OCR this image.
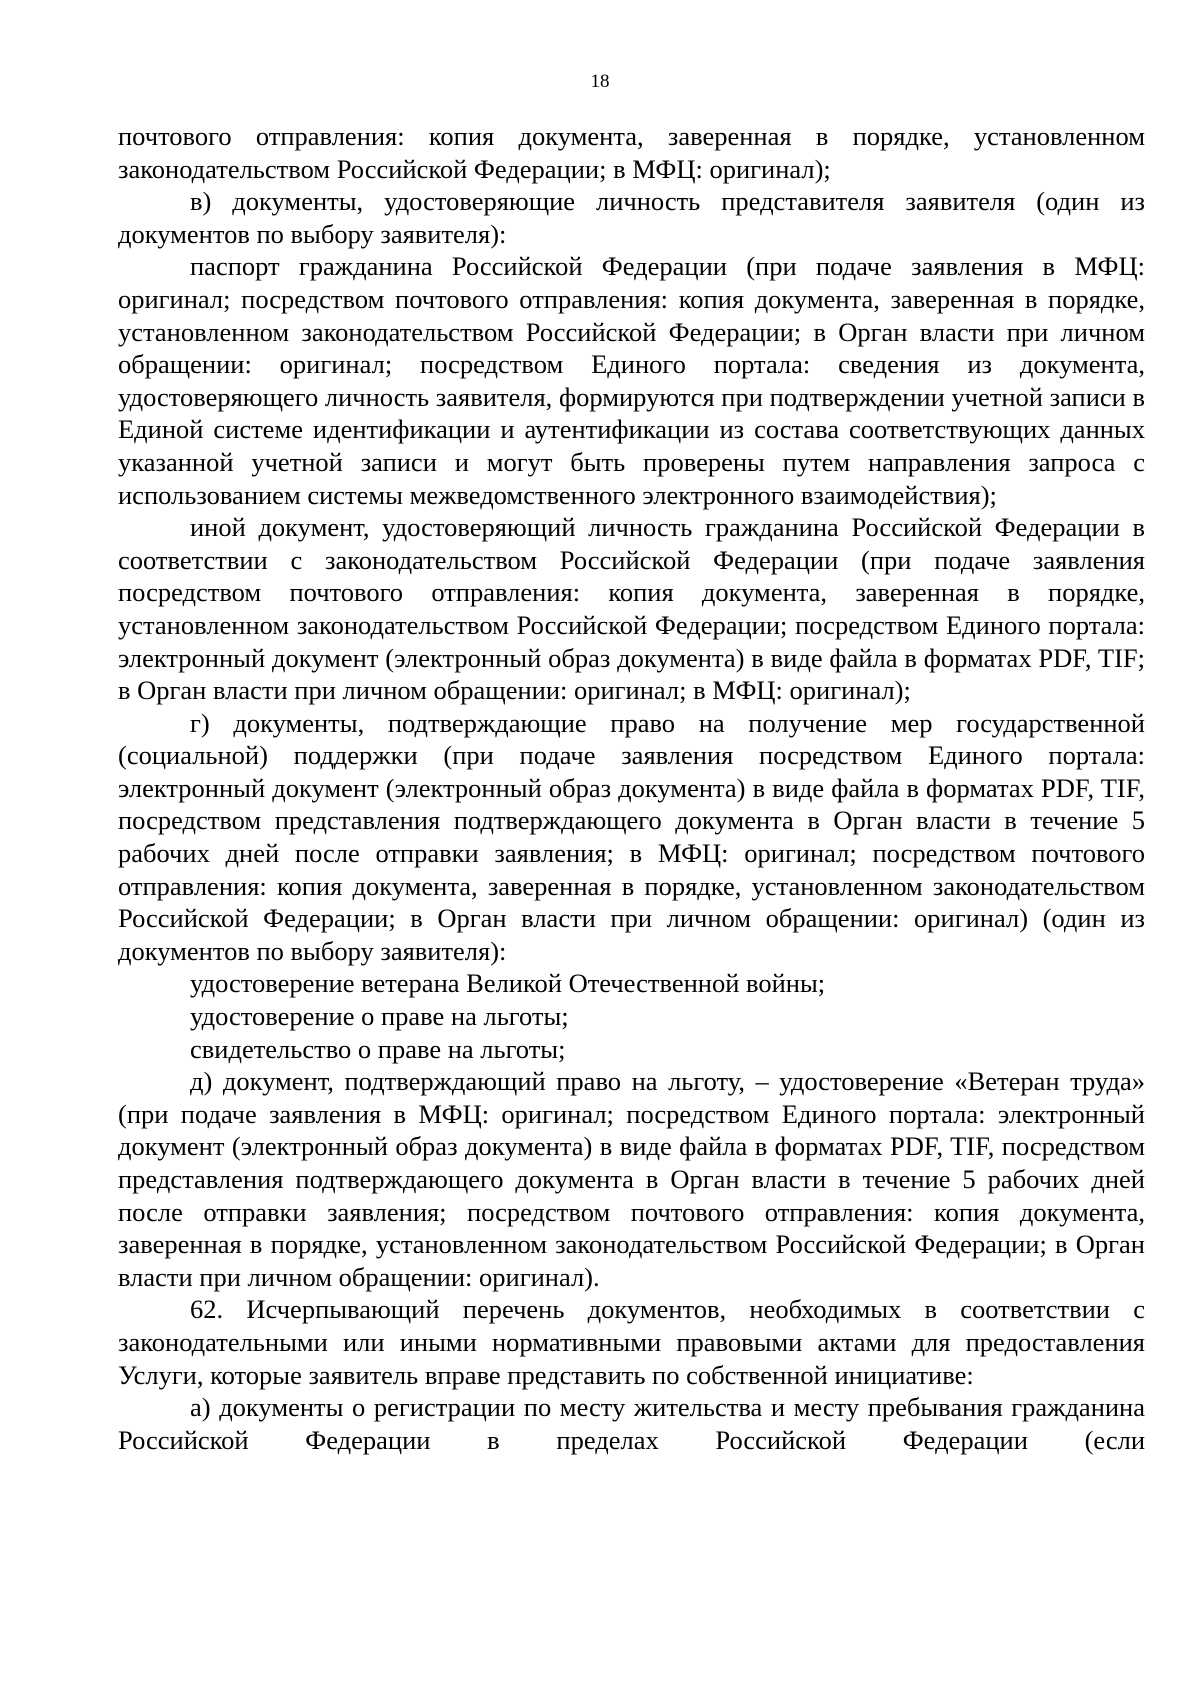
18

почтового отправления: копия документа, заверенная в порядке, установленном законодательством Российской Федерации; в МФЦ: оригинал);

в) документы, удостоверяющие личность представителя заявителя (один из документов по выбору заявителя):

паспорт гражданина Российской Федерации (при подаче заявления в МФЦ: оригинал; посредством почтового отправления: копия документа, заверенная в порядке, установленном законодательством Российской Федерации; в Орган власти при личном обращении: оригинал; посредством Единого портала: сведения из документа, удостоверяющего личность заявителя, формируются при подтверждении учетной записи в Единой системе идентификации и аутентификации из состава соответствующих данных указанной учетной записи и могут быть проверены путем направления запроса с использованием системы межведомственного электронного взаимодействия);

иной документ, удостоверяющий личность гражданина Российской Федерации в соответствии с законодательством Российской Федерации (при подаче заявления посредством почтового отправления: копия документа, заверенная в порядке, установленном законодательством Российской Федерации; посредством Единого портала: электронный документ (электронный образ документа) в виде файла в форматах PDF, TIF; в Орган власти при личном обращении: оригинал; в МФЦ: оригинал);

г) документы, подтверждающие право на получение мер государственной (социальной) поддержки (при подаче заявления посредством Единого портала: электронный документ (электронный образ документа) в виде файла в форматах PDF, TIF, посредством представления подтверждающего документа в Орган власти в течение 5 рабочих дней после отправки заявления; в МФЦ: оригинал; посредством почтового отправления: копия документа, заверенная в порядке, установленном законодательством Российской Федерации; в Орган власти при личном обращении: оригинал) (один из документов по выбору заявителя):

удостоверение ветерана Великой Отечественной войны;

удостоверение о праве на льготы;

свидетельство о праве на льготы;

д) документ, подтверждающий право на льготу, – удостоверение «Ветеран труда» (при подаче заявления в МФЦ: оригинал; посредством Единого портала: электронный документ (электронный образ документа) в виде файла в форматах PDF, TIF, посредством представления подтверждающего документа в Орган власти в течение 5 рабочих дней после отправки заявления; посредством почтового отправления: копия документа, заверенная в порядке, установленном законодательством Российской Федерации; в Орган власти при личном обращении: оригинал).

62. Исчерпывающий перечень документов, необходимых в соответствии с законодательными или иными нормативными правовыми актами для предоставления Услуги, которые заявитель вправе представить по собственной инициативе:

а) документы о регистрации по месту жительства и месту пребывания гражданина Российской Федерации в пределах Российской Федерации (если
